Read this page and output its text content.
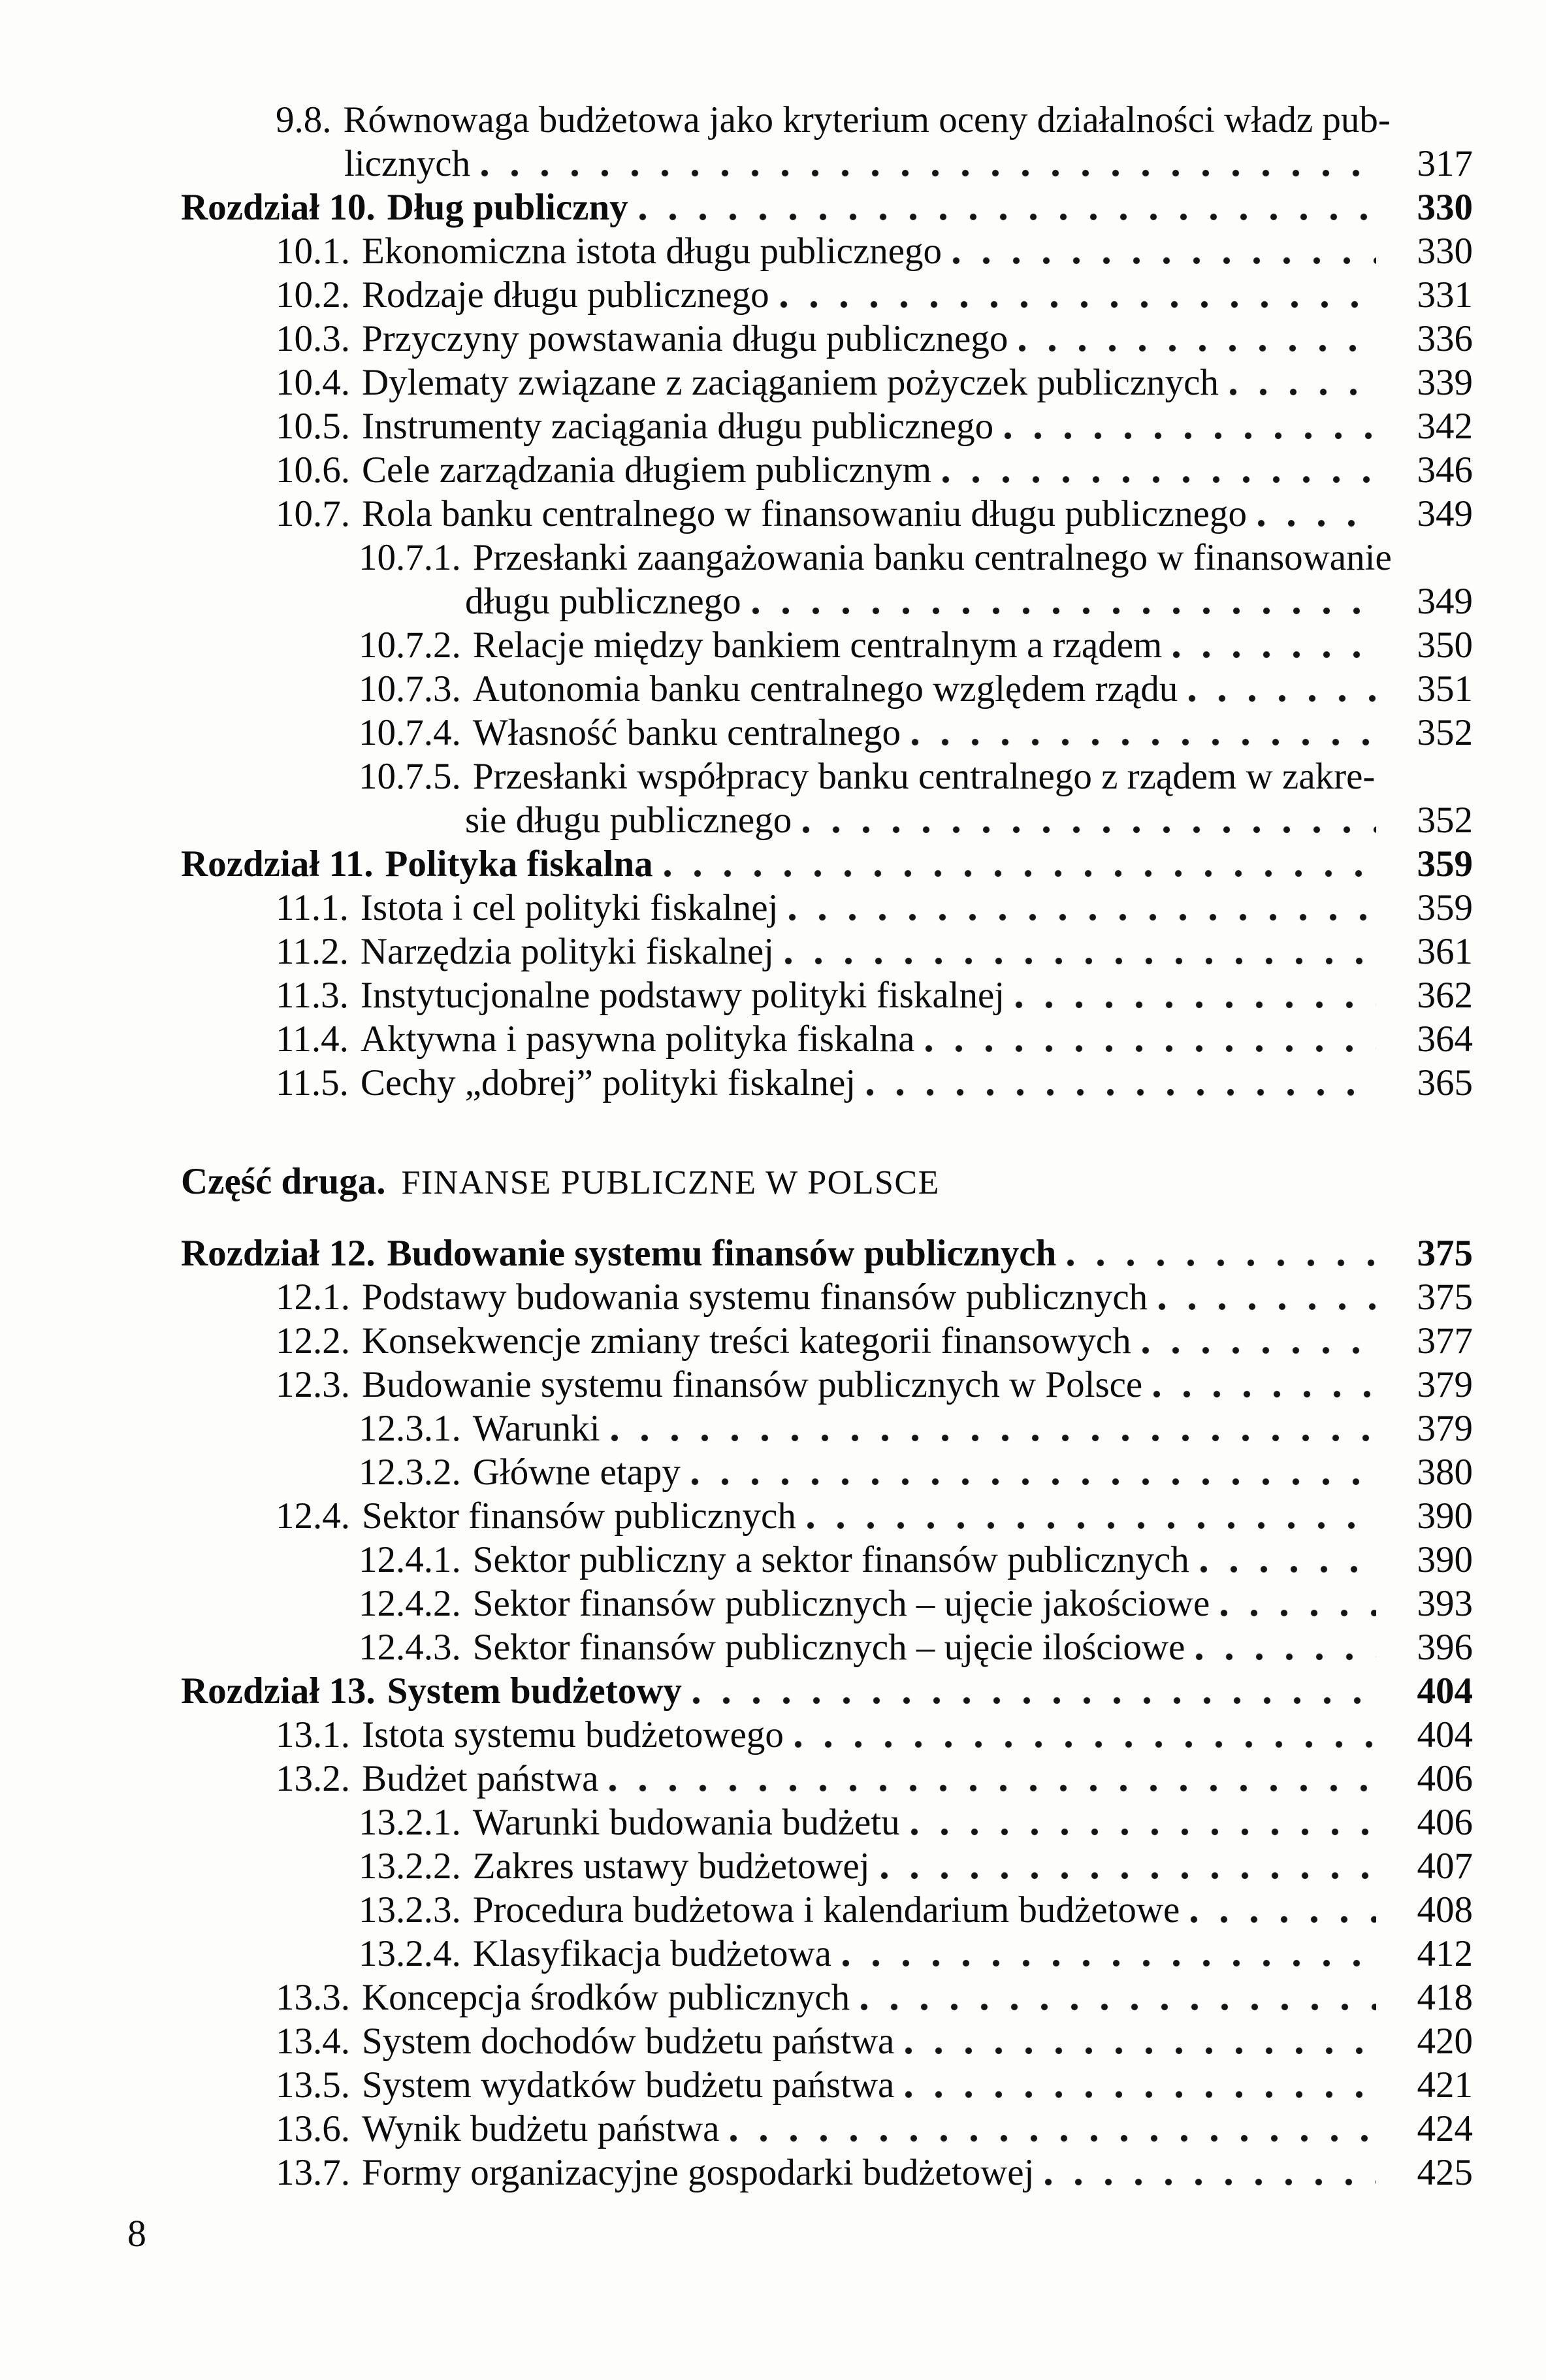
9.8. Równowaga budżetowa jako kryterium oceny działalności władz pub-
licznych	317
Rozdział 10. Dług publiczny	330
10.1. Ekonomiczna istota długu publicznego	330
10.2. Rodzaje długu publicznego	331
10.3. Przyczyny powstawania długu publicznego	336
10.4. Dylematy związane z zaciąganiem pożyczek publicznych	339
10.5. Instrumenty zaciągania długu publicznego	342
10.6. Cele zarządzania długiem publicznym	346
10.7. Rola banku centralnego w finansowaniu długu publicznego	349
10.7.1. Przesłanki zaangażowania banku centralnego w finansowanie
długu publicznego	349
10.7.2. Relacje między bankiem centralnym a rządem	350
10.7.3. Autonomia banku centralnego względem rządu	351
10.7.4. Własność banku centralnego	352
10.7.5. Przesłanki współpracy banku centralnego z rządem w zakre-
sie długu publicznego	352
Rozdział 11. Polityka fiskalna	359
11.1. Istota i cel polityki fiskalnej	359
11.2. Narzędzia polityki fiskalnej	361
11.3. Instytucjonalne podstawy polityki fiskalnej	362
11.4. Aktywna i pasywna polityka fiskalna	364
11.5. Cechy „dobrej” polityki fiskalnej	365
Część druga. FINANSE PUBLICZNE W POLSCE
Rozdział 12. Budowanie systemu finansów publicznych	375
12.1. Podstawy budowania systemu finansów publicznych	375
12.2. Konsekwencje zmiany treści kategorii finansowych	377
12.3. Budowanie systemu finansów publicznych w Polsce	379
12.3.1. Warunki	379
12.3.2. Główne etapy	380
12.4. Sektor finansów publicznych	390
12.4.1. Sektor publiczny a sektor finansów publicznych	390
12.4.2. Sektor finansów publicznych – ujęcie jakościowe	393
12.4.3. Sektor finansów publicznych – ujęcie ilościowe	396
Rozdział 13. System budżetowy	404
13.1. Istota systemu budżetowego	404
13.2. Budżet państwa	406
13.2.1. Warunki budowania budżetu	406
13.2.2. Zakres ustawy budżetowej	407
13.2.3. Procedura budżetowa i kalendarium budżetowe	408
13.2.4. Klasyfikacja budżetowa	412
13.3. Koncepcja środków publicznych	418
13.4. System dochodów budżetu państwa	420
13.5. System wydatków budżetu państwa	421
13.6. Wynik budżetu państwa	424
13.7. Formy organizacyjne gospodarki budżetowej	425
8
